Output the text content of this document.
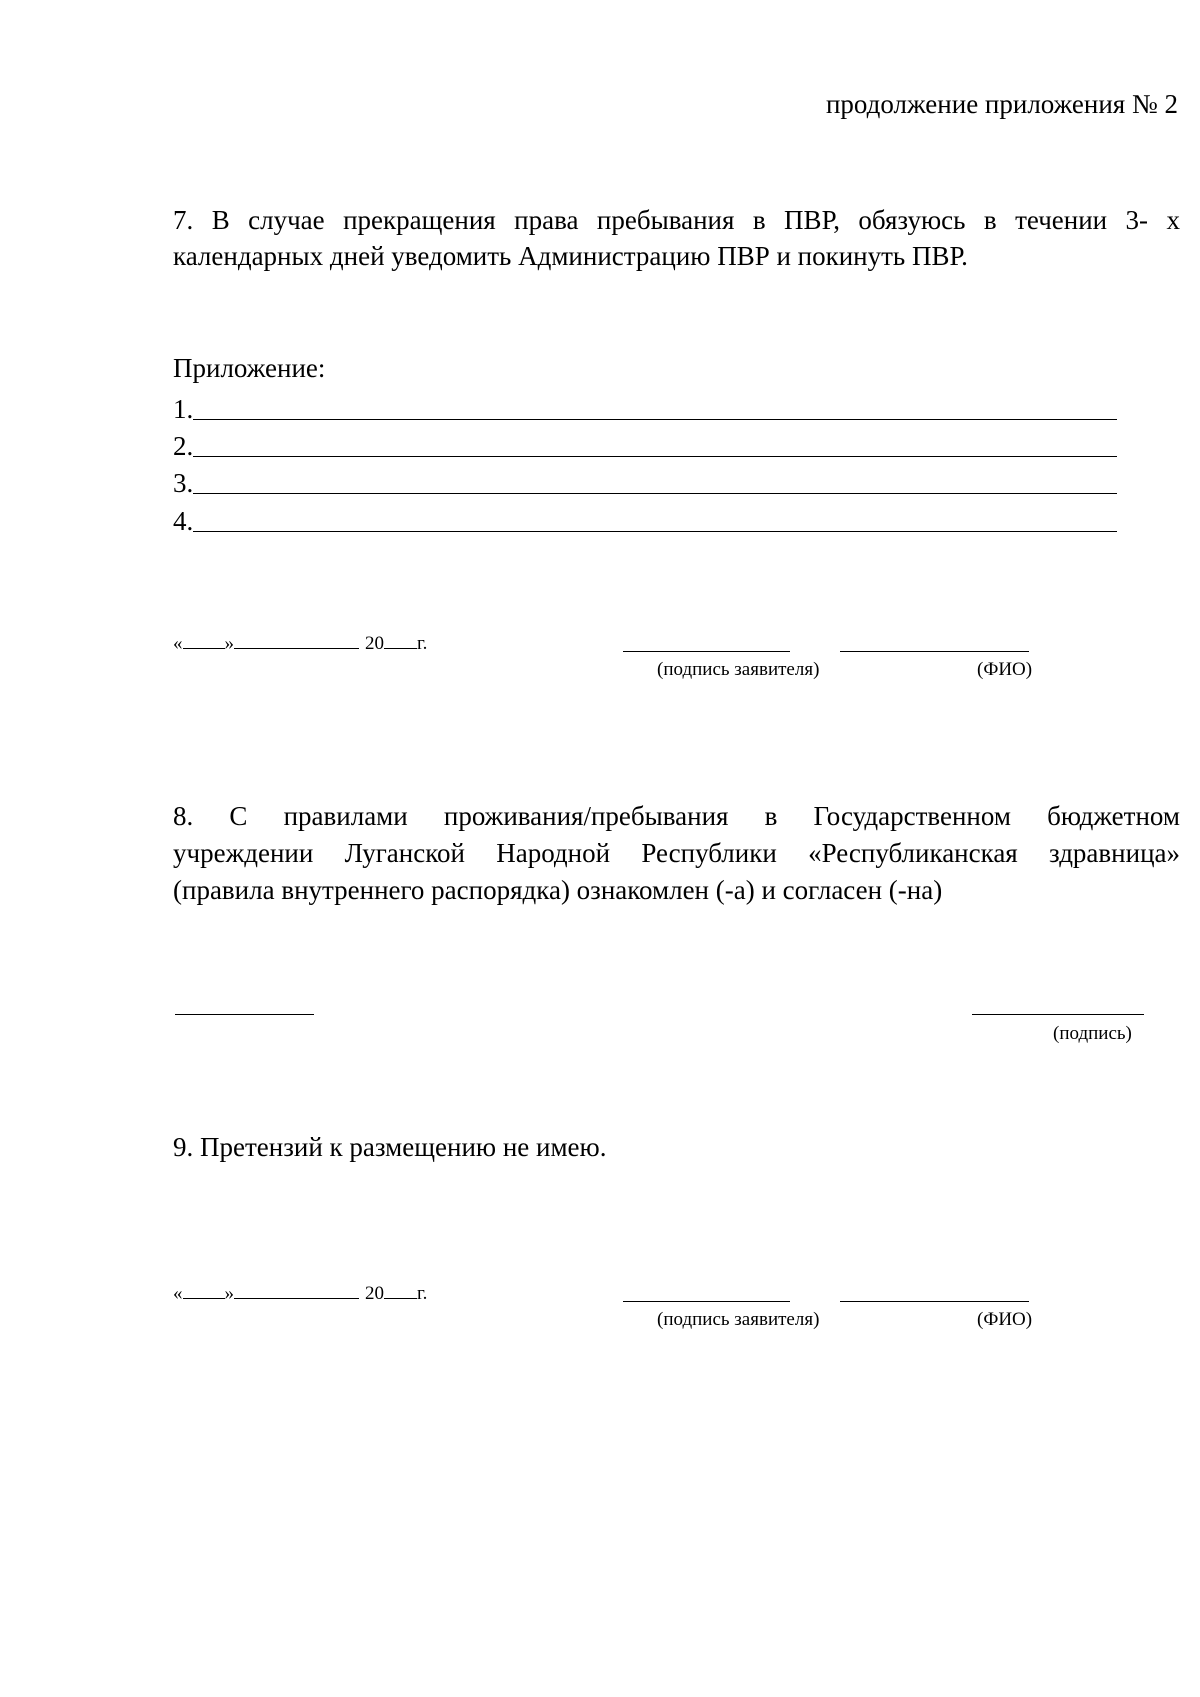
продолжение приложения № 2
7. В случае прекращения права пребывания в ПВР, обязуюсь в течении 3- х
календарных дней уведомить Администрацию ПВР и покинуть ПВР.
Приложение:
1.
2.
3.
4.
« »	20 г.
(подпись заявителя)	(ФИО)
8. С правилами проживания/пребывания в Государственном бюджетном
учреждении Луганской Народной Республики «Республиканская здравница»
(правила внутреннего распорядка) ознакомлен (-а) и согласен (-на)
(подпись)
9. Претензий к размещению не имею.
« »	20 г.
(подпись заявителя)	(ФИО)
